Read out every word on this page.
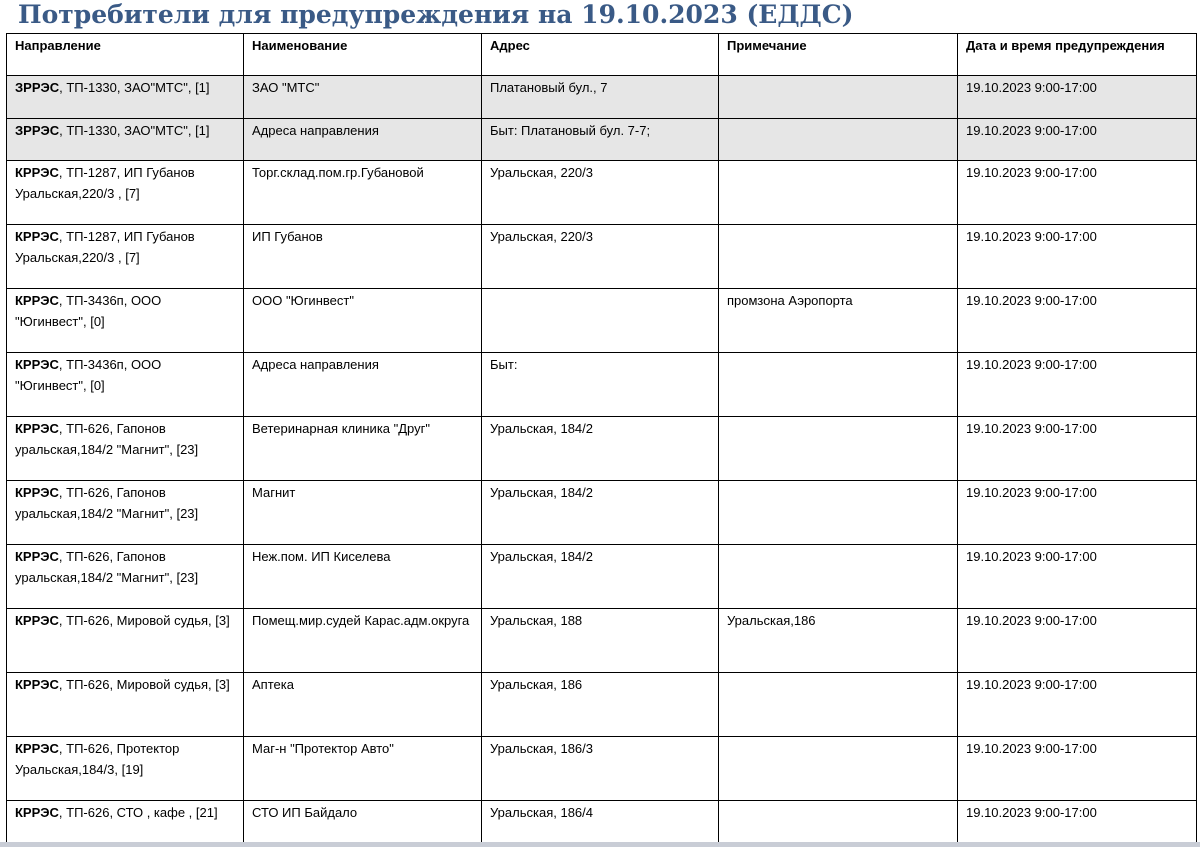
Потребители для предупреждения на 19.10.2023 (ЕДДС)
Направление	Наименование	Адрес	Примечание	Дата и время предупреждения
ЗРРЭС, ТП-1330, ЗАО"МТС", [1]	ЗАО "МТС"	Платановый бул., 7		19.10.2023 9:00-17:00
ЗРРЭС, ТП-1330, ЗАО"МТС", [1]	Адреса направления	Быт: Платановый бул. 7-7;		19.10.2023 9:00-17:00
КРРЭС, ТП-1287, ИП Губанов Уральская,220/3 , [7]	Торг.склад.пом.гр.Губановой	Уральская, 220/3		19.10.2023 9:00-17:00
КРРЭС, ТП-1287, ИП Губанов Уральская,220/3 , [7]	ИП Губанов	Уральская, 220/3		19.10.2023 9:00-17:00
КРРЭС, ТП-3436п, ООО "Югинвест", [0]	ООО "Югинвест"		промзона Аэропорта	19.10.2023 9:00-17:00
КРРЭС, ТП-3436п, ООО "Югинвест", [0]	Адреса направления	Быт:		19.10.2023 9:00-17:00
КРРЭС, ТП-626, Гапонов уральская,184/2 "Магнит", [23]	Ветеринарная клиника "Друг"	Уральская, 184/2		19.10.2023 9:00-17:00
КРРЭС, ТП-626, Гапонов уральская,184/2 "Магнит", [23]	Магнит	Уральская, 184/2		19.10.2023 9:00-17:00
КРРЭС, ТП-626, Гапонов уральская,184/2 "Магнит", [23]	Неж.пом. ИП Киселева	Уральская, 184/2		19.10.2023 9:00-17:00
КРРЭС, ТП-626, Мировой судья, [3]	Помещ.мир.судей Карас.адм.округа	Уральская, 188	Уральская,186	19.10.2023 9:00-17:00
КРРЭС, ТП-626, Мировой судья, [3]	Аптека	Уральская, 186		19.10.2023 9:00-17:00
КРРЭС, ТП-626, Протектор Уральская,184/3, [19]	Маг-н "Протектор Авто"	Уральская, 186/3		19.10.2023 9:00-17:00
КРРЭС, ТП-626, СТО , кафе , [21]	СТО ИП Байдало	Уральская, 186/4		19.10.2023 9:00-17:00
